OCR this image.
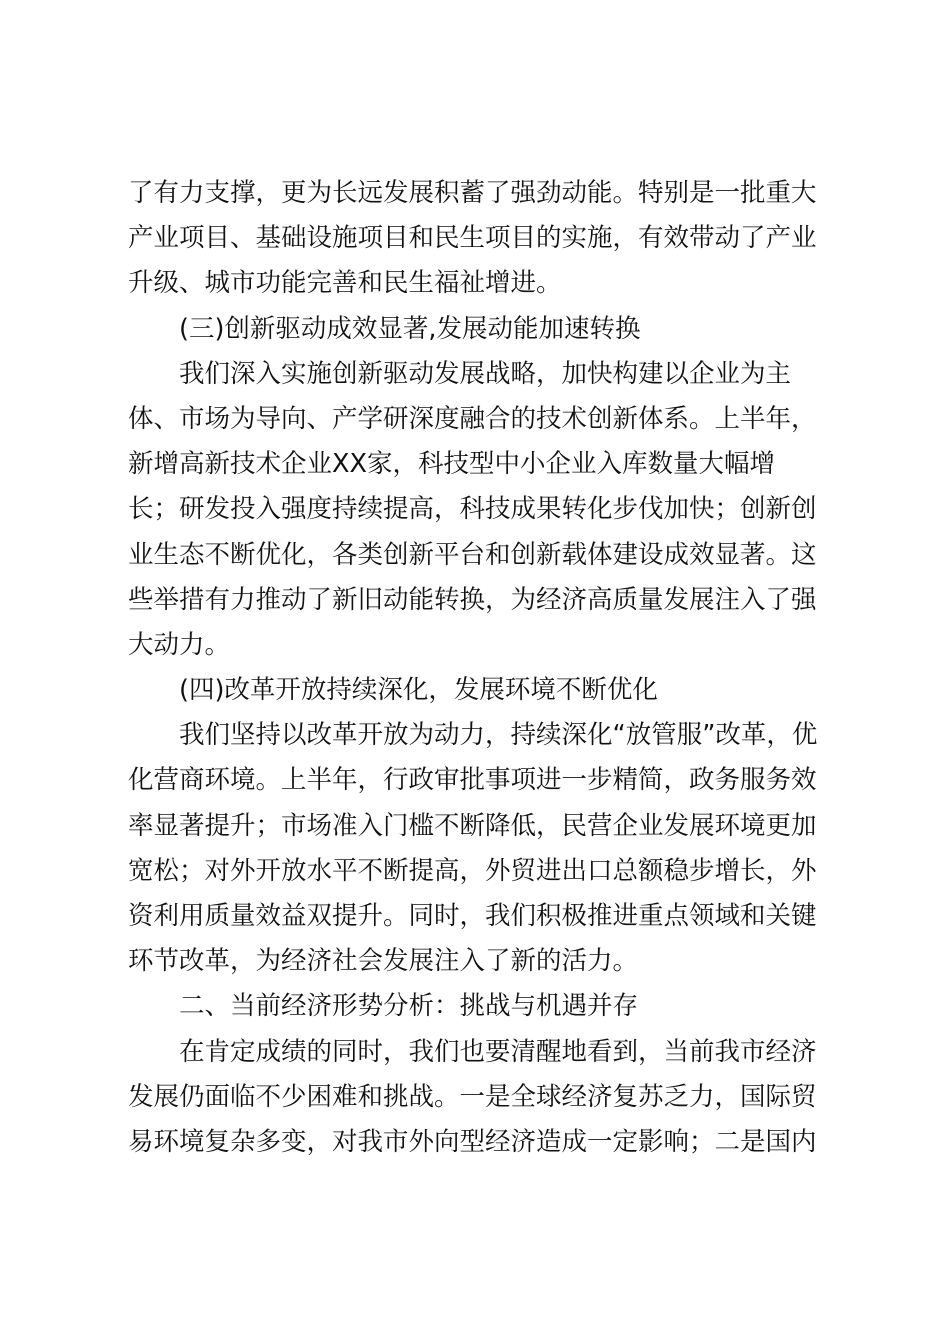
了有力支撑，更为长远发展积蓄了强劲动能。特别是一批重大
产业项目、基础设施项目和民生项目的实施，有效带动了产业
升级、城市功能完善和民生福祉增进。
(三)创新驱动成效显著,发展动能加速转换
我们深入实施创新驱动发展战略，加快构建以企业为主
体、市场为导向、产学研深度融合的技术创新体系。上半年，
新增高新技术企业XX家，科技型中小企业入库数量大幅增
长；研发投入强度持续提高，科技成果转化步伐加快；创新创
业生态不断优化，各类创新平台和创新载体建设成效显著。这
些举措有力推动了新旧动能转换，为经济高质量发展注入了强
大动力。
(四)改革开放持续深化，发展环境不断优化
我们坚持以改革开放为动力，持续深化“放管服”改革，优
化营商环境。上半年，行政审批事项进一步精简，政务服务效
率显著提升；市场准入门槛不断降低，民营企业发展环境更加
宽松；对外开放水平不断提高，外贸进出口总额稳步增长，外
资利用质量效益双提升。同时，我们积极推进重点领域和关键
环节改革，为经济社会发展注入了新的活力。
二、当前经济形势分析：挑战与机遇并存
在肯定成绩的同时，我们也要清醒地看到，当前我市经济
发展仍面临不少困难和挑战。一是全球经济复苏乏力，国际贸
易环境复杂多变，对我市外向型经济造成一定影响；二是国内
